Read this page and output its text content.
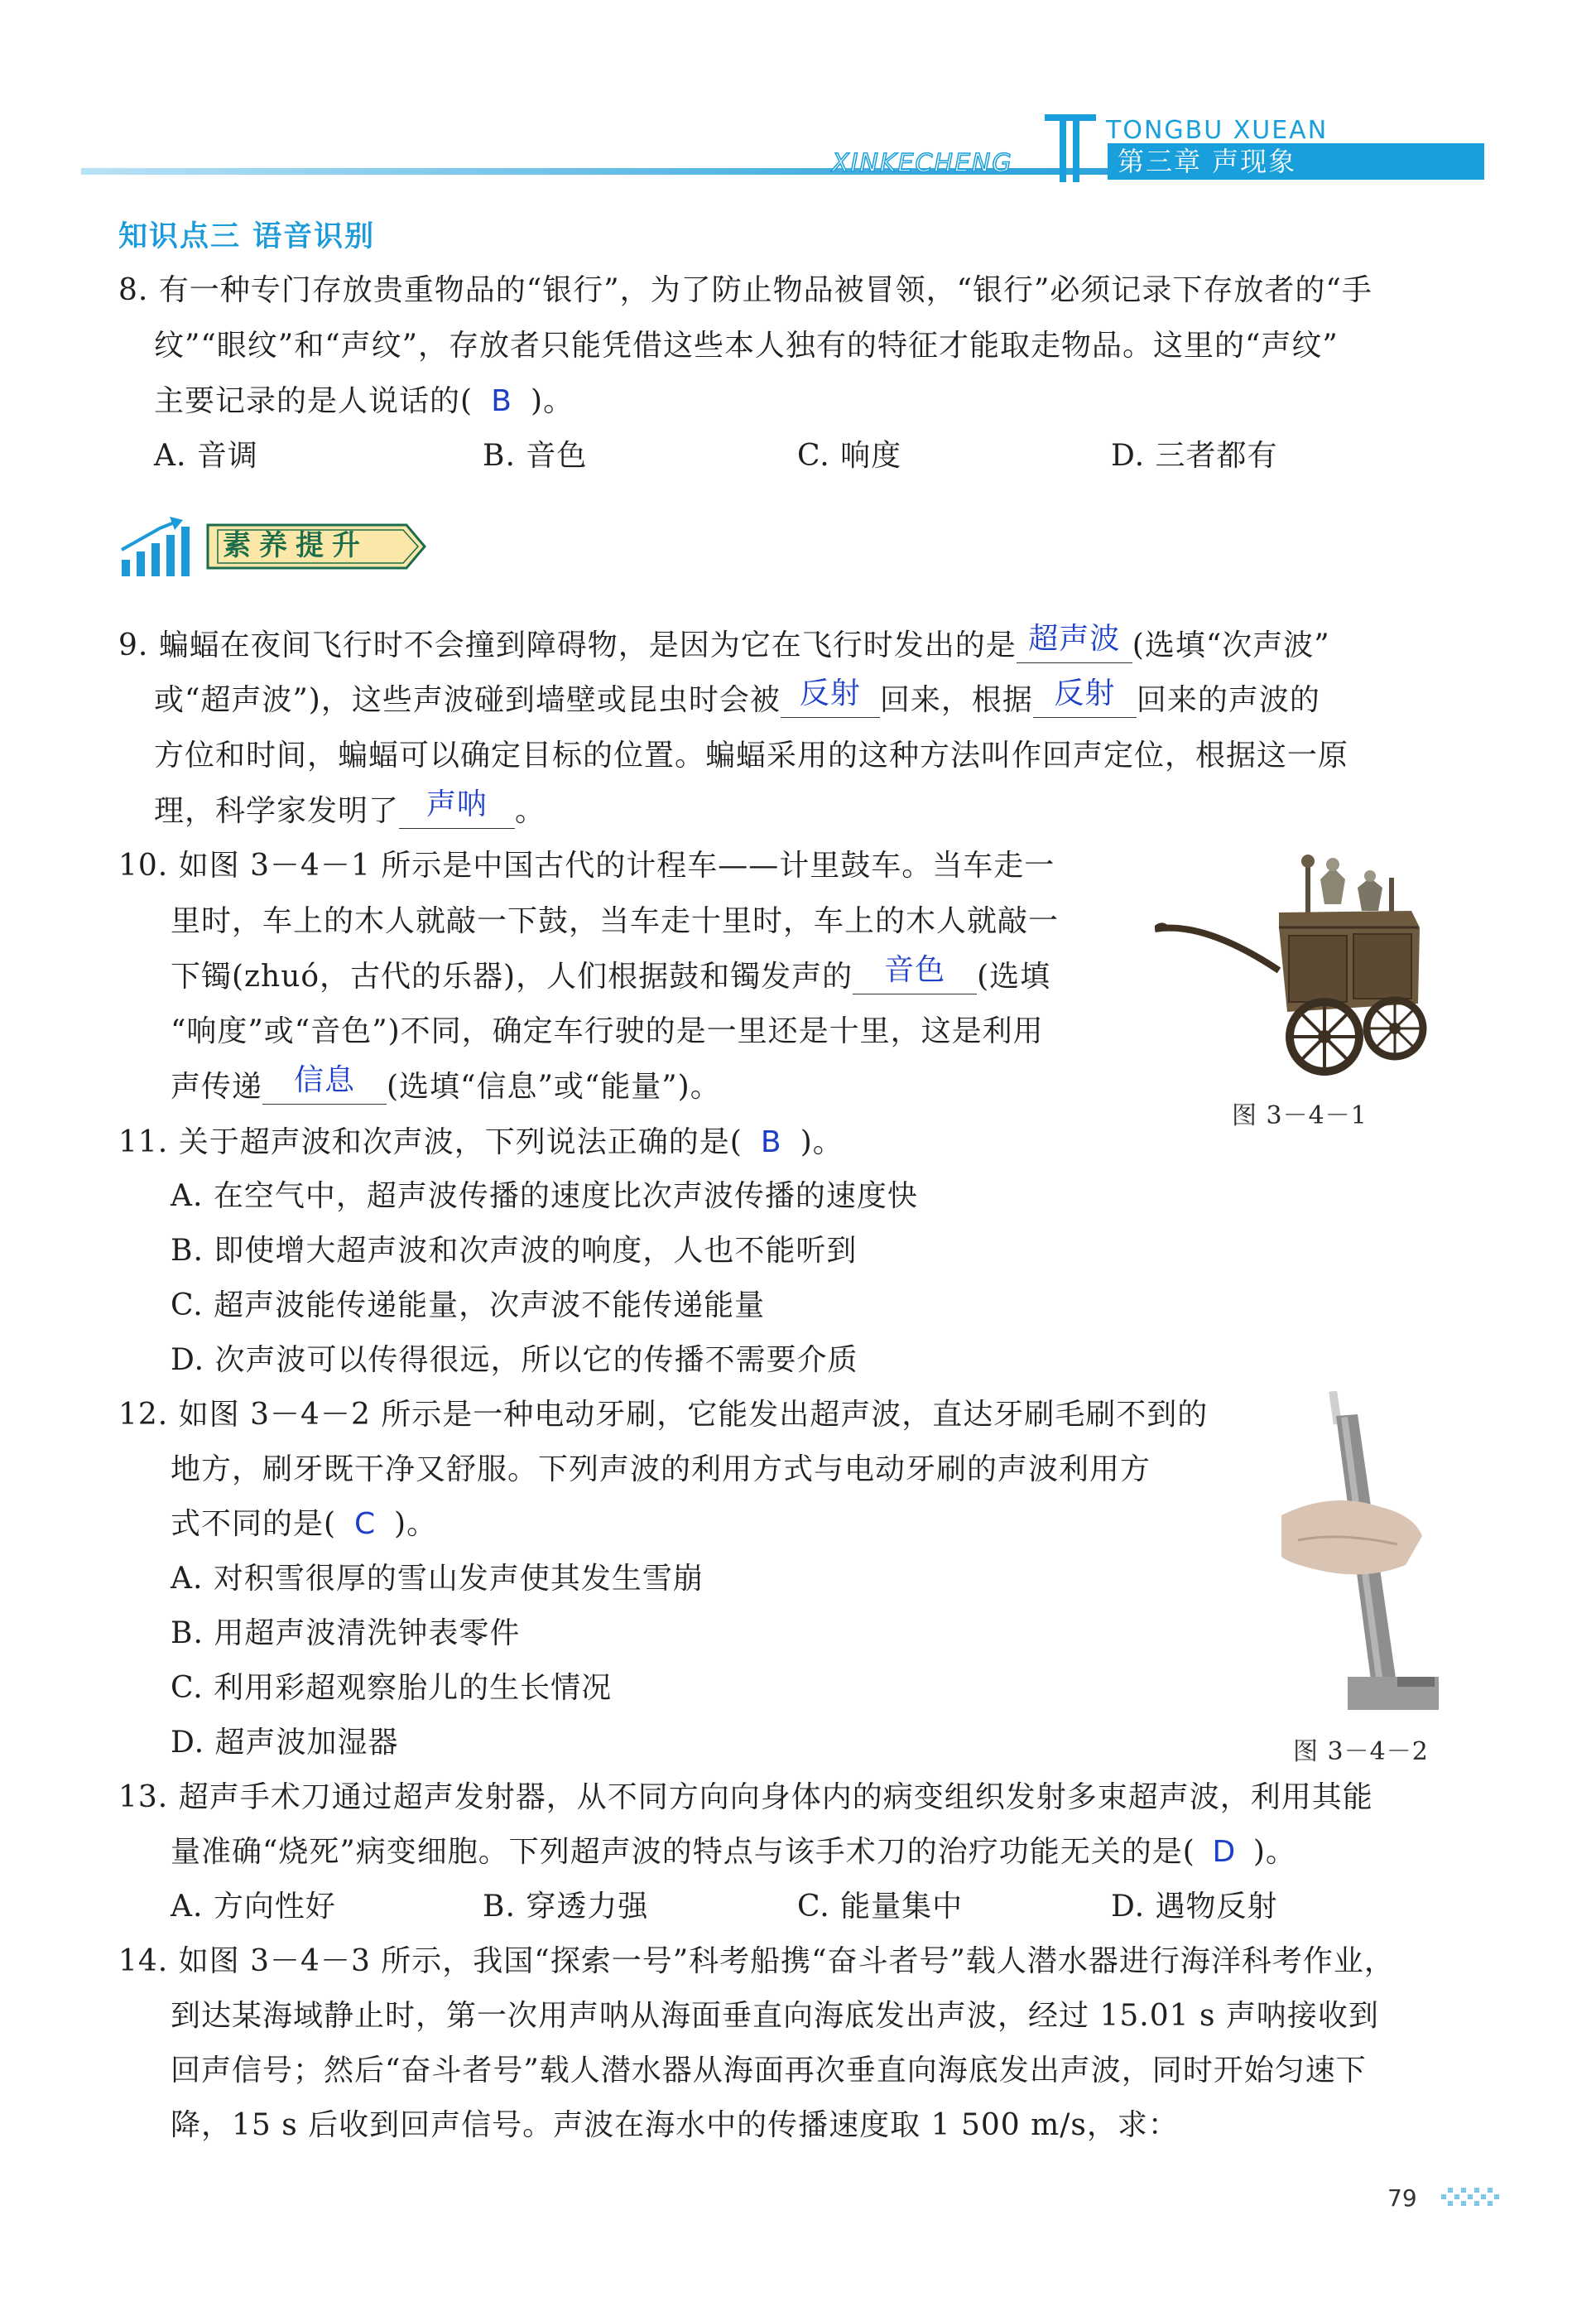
TONGBU XUEAN
XINKECHENG	第三章 声现象
知识点三 语音识别
8. 有一种专门存放贵重物品的“银行”，为了防止物品被冒领，“银行”必须记录下存放者的“手
纹”“眼纹”和“声纹”，存放者只能凭借这些本人独有的特征才能取走物品。这里的“声纹”
主要记录的是人说话的( B )。
A. 音调	B. 音色	C. 响度	D. 三者都有
素养提升
9. 蝙蝠在夜间飞行时不会撞到障碍物，是因为它在飞行时发出的是 超声波 (选填“次声波”
或“超声波”)，这些声波碰到墙壁或昆虫时会被 反射 回来，根据 反射 回来的声波的
方位和时间，蝙蝠可以确定目标的位置。蝙蝠采用的这种方法叫作回声定位，根据这一原
理，科学家发明了 声呐 。
10. 如图 3－4－1 所示是中国古代的计程车——计里鼓车。当车走一
里时，车上的木人就敲一下鼓，当车走十里时，车上的木人就敲一
下镯(zhuó，古代的乐器)，人们根据鼓和镯发声的 音色 (选填
“响度”或“音色”)不同，确定车行驶的是一里还是十里，这是利用
声传递 信息 (选填“信息”或“能量”)。
图 3－4－1
11. 关于超声波和次声波，下列说法正确的是( B )。
A. 在空气中，超声波传播的速度比次声波传播的速度快
B. 即使增大超声波和次声波的响度，人也不能听到
C. 超声波能传递能量，次声波不能传递能量
D. 次声波可以传得很远，所以它的传播不需要介质
12. 如图 3－4－2 所示是一种电动牙刷，它能发出超声波，直达牙刷毛刷不到的
地方，刷牙既干净又舒服。下列声波的利用方式与电动牙刷的声波利用方
式不同的是( C )。
A. 对积雪很厚的雪山发声使其发生雪崩
B. 用超声波清洗钟表零件
C. 利用彩超观察胎儿的生长情况
D. 超声波加湿器	图 3－4－2
13. 超声手术刀通过超声发射器，从不同方向向身体内的病变组织发射多束超声波，利用其能
量准确“烧死”病变细胞。下列超声波的特点与该手术刀的治疗功能无关的是( D )。
A. 方向性好	B. 穿透力强	C. 能量集中	D. 遇物反射
14. 如图 3－4－3 所示，我国“探索一号”科考船携“奋斗者号”载人潜水器进行海洋科考作业，
到达某海域静止时，第一次用声呐从海面垂直向海底发出声波，经过 15.01 s 声呐接收到
回声信号；然后“奋斗者号”载人潜水器从海面再次垂直向海底发出声波，同时开始匀速下
降，15 s 后收到回声信号。声波在海水中的传播速度取 1 500 m/s，求：
79
